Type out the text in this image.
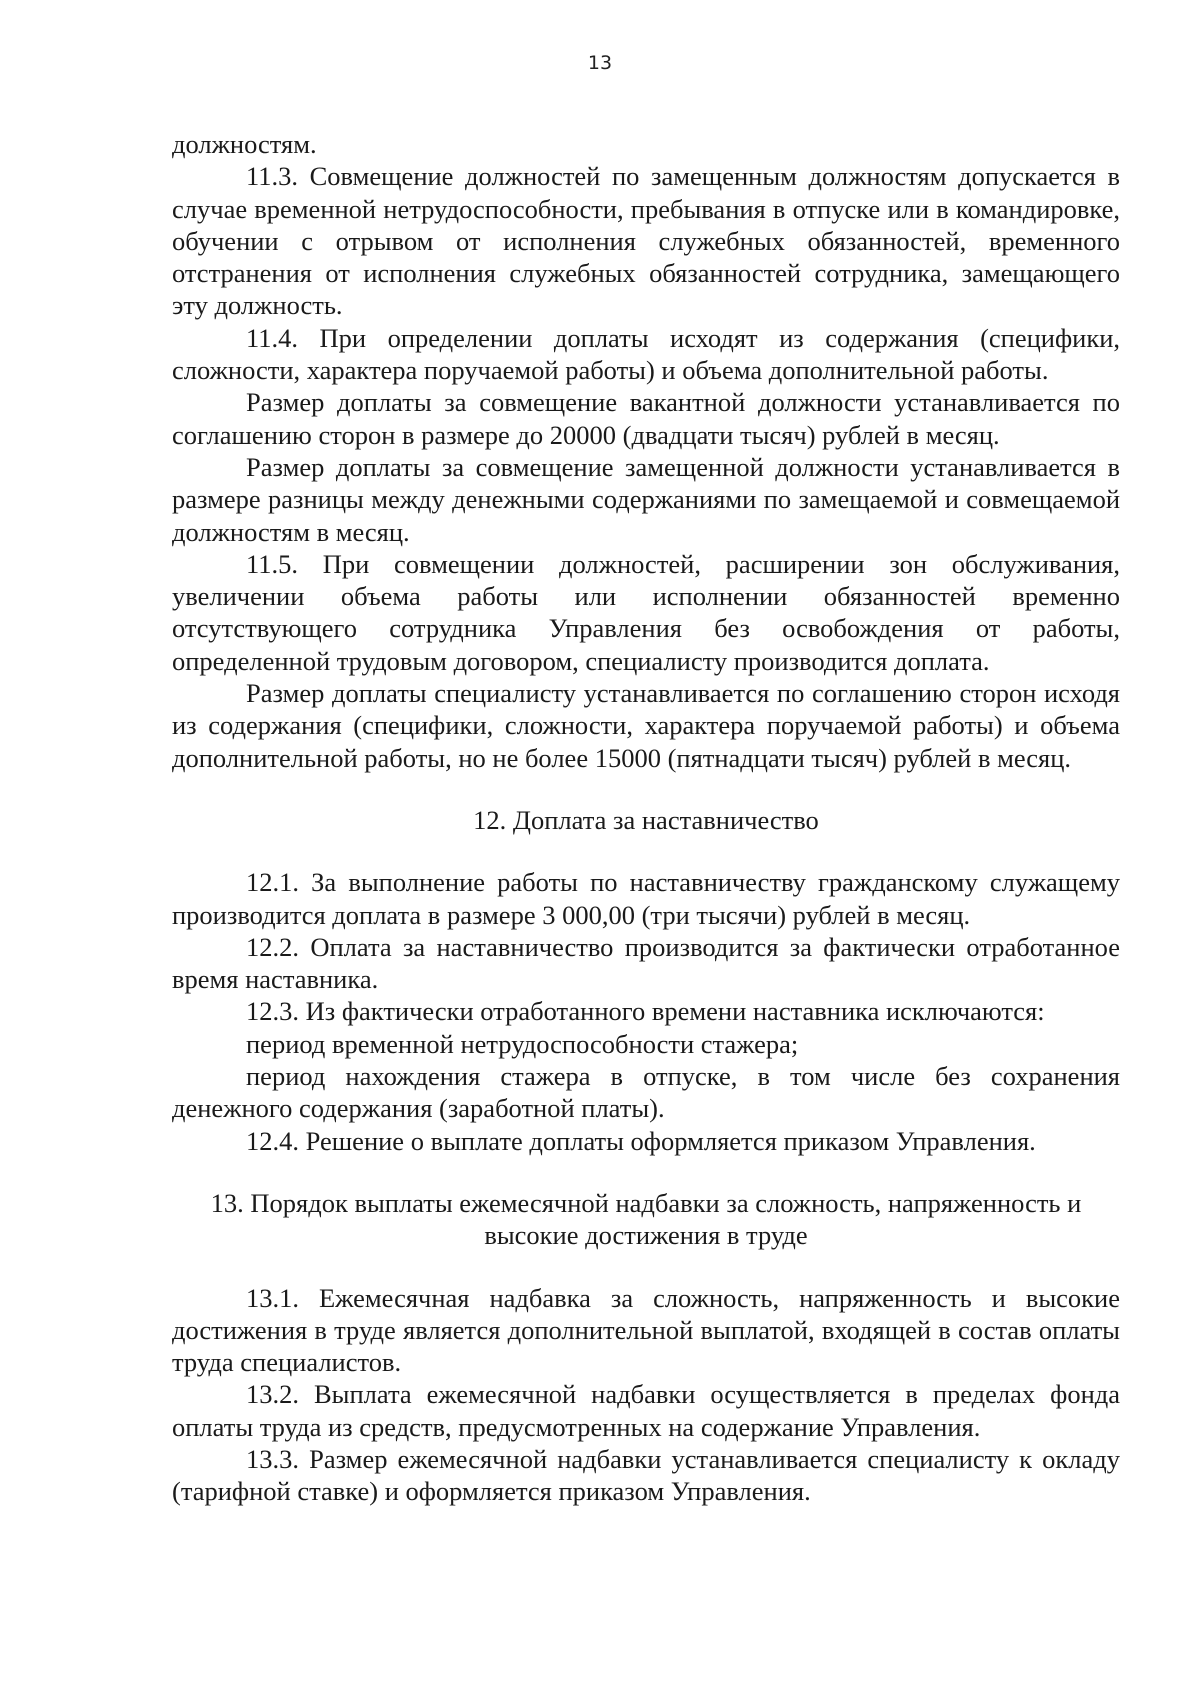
13

должностям.

11.3. Совмещение должностей по замещенным должностям допускается в случае временной нетрудоспособности, пребывания в отпуске или в командировке, обучении с отрывом от исполнения служебных обязанностей, временного отстранения от исполнения служебных обязанностей сотрудника, замещающего эту должность.

11.4. При определении доплаты исходят из содержания (специфики, сложности, характера поручаемой работы) и объема дополнительной работы.

Размер доплаты за совмещение вакантной должности устанавливается по соглашению сторон в размере до 20000 (двадцати тысяч) рублей в месяц.

Размер доплаты за совмещение замещенной должности устанавливается в размере разницы между денежными содержаниями по замещаемой и совмещаемой должностям в месяц.

11.5. При совмещении должностей, расширении зон обслуживания, увеличении объема работы или исполнении обязанностей временно отсутствующего сотрудника Управления без освобождения от работы, определенной трудовым договором, специалисту производится доплата.

Размер доплаты специалисту устанавливается по соглашению сторон исходя из содержания (специфики, сложности, характера поручаемой работы) и объема дополнительной работы, но не более 15000 (пятнадцати тысяч) рублей в месяц.

12. Доплата за наставничество

12.1. За выполнение работы по наставничеству гражданскому служащему производится доплата в размере 3 000,00 (три тысячи) рублей в месяц.

12.2. Оплата за наставничество производится за фактически отработанное время наставника.

12.3. Из фактически отработанного времени наставника исключаются:

период временной нетрудоспособности стажера;

период нахождения стажера в отпуске, в том числе без сохранения денежного содержания (заработной платы).

12.4. Решение о выплате доплаты оформляется приказом Управления.

13. Порядок выплаты ежемесячной надбавки за сложность, напряженность и

высокие достижения в труде

13.1. Ежемесячная надбавка за сложность, напряженность и высокие достижения в труде является дополнительной выплатой, входящей в состав оплаты труда специалистов.

13.2. Выплата ежемесячной надбавки осуществляется в пределах фонда оплаты труда из средств, предусмотренных на содержание Управления.

13.3. Размер ежемесячной надбавки устанавливается специалисту к окладу (тарифной ставке) и оформляется приказом Управления.
